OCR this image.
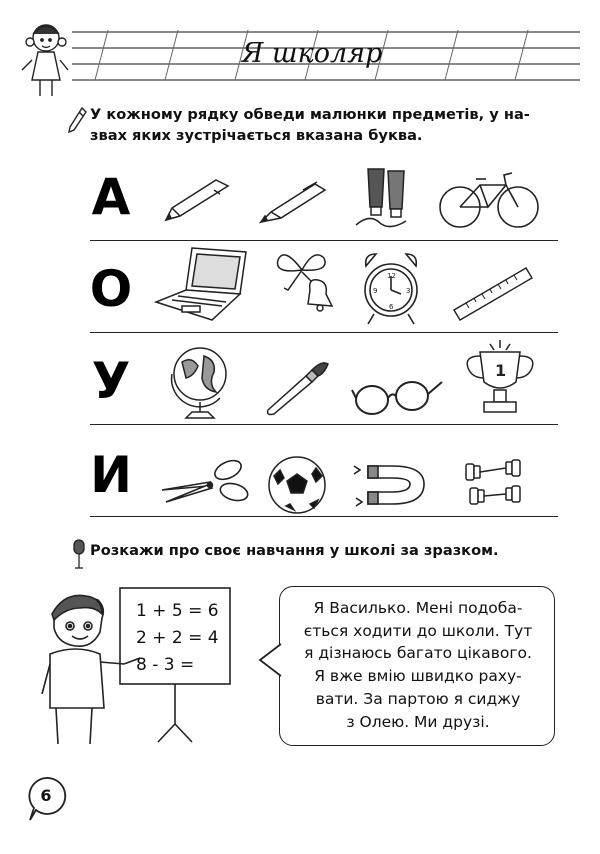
Я школяр
У кожному рядку обведи малюнки предметів, у на-
звах яких зустрічається вказана буква.
А
О
У
И
12
3
6
9
1
Розкажи про своє навчання у школі за зразком.
1 + 5 = 6
2 + 2 = 4
8 - 3 =

Я Василько. Мені подоба-
ється ходити до школи. Тут
я дізнаюсь багато цікавого.
Я вже вмію швидко раху-
вати. За партою я сиджу
з Олею. Ми друзі.

6
